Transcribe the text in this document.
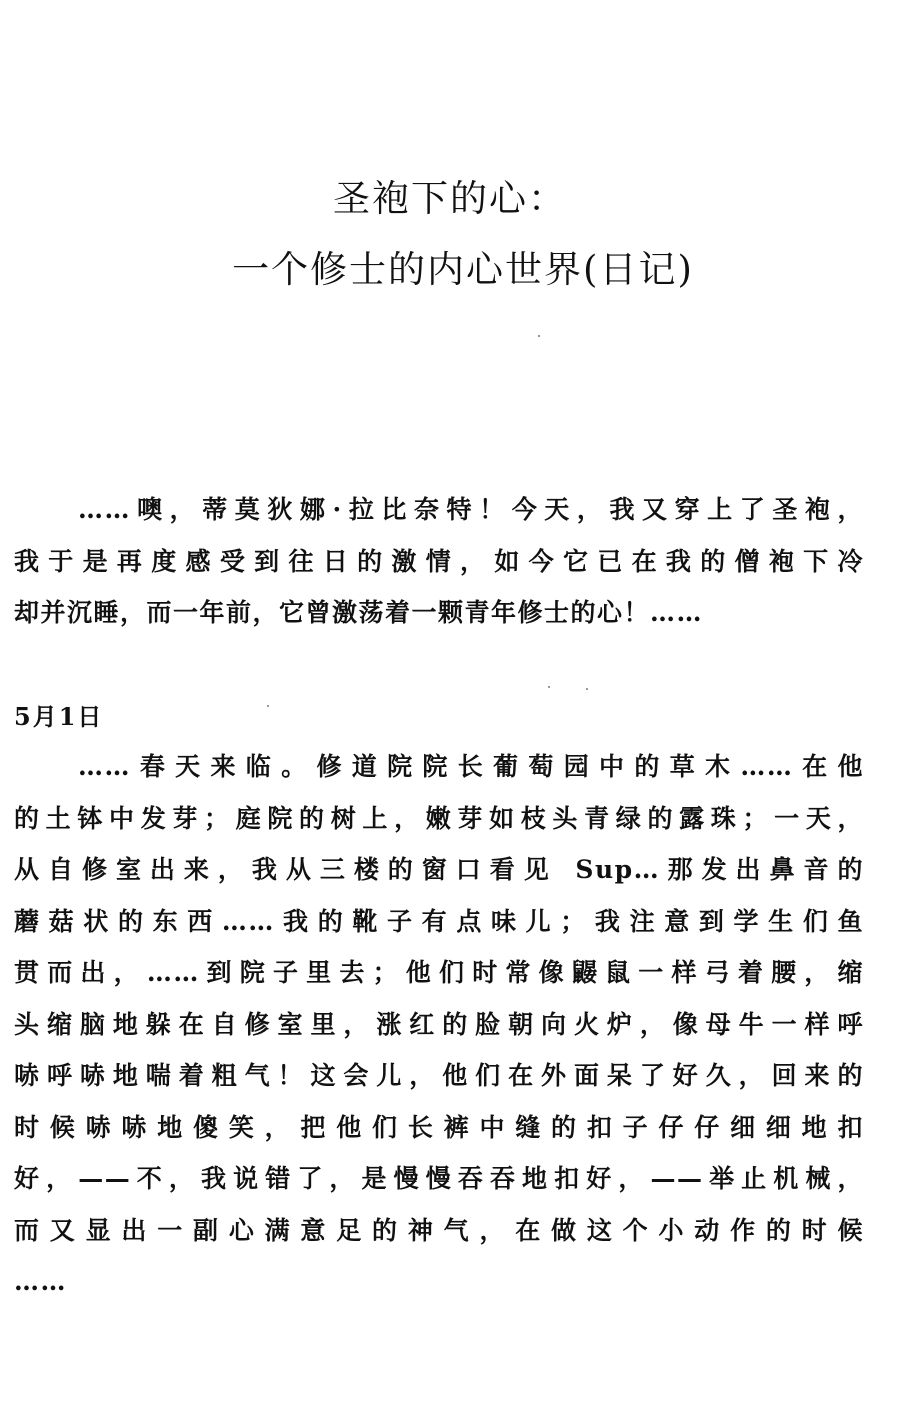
圣袍下的心：
一个修士的内心世界(日记)
……噢，蒂莫狄娜·拉比奈特！今天，我又穿上了圣袍，
我于是再度感受到往日的激情，如今它已在我的僧袍下冷
却并沉睡，而一年前，它曾激荡着一颗青年修士的心！……
5月1日
……春天来临。修道院院长葡萄园中的草木……在他
的土钵中发芽；庭院的树上，嫩芽如枝头青绿的露珠；一天，
从自修室出来，我从三楼的窗口看见 Sup…那发出鼻音的
蘑菇状的东西……我的靴子有点味儿；我注意到学生们鱼
贯而出，……到院子里去；他们时常像鼹鼠一样弓着腰，缩
头缩脑地躲在自修室里，涨红的脸朝向火炉，像母牛一样呼
哧呼哧地喘着粗气！这会儿，他们在外面呆了好久，回来的
时候哧哧地傻笑，把他们长裤中缝的扣子仔仔细细地扣
好，——不，我说错了，是慢慢吞吞地扣好，——举止机械，
而又显出一副心满意足的神气，在做这个小动作的时候
……
